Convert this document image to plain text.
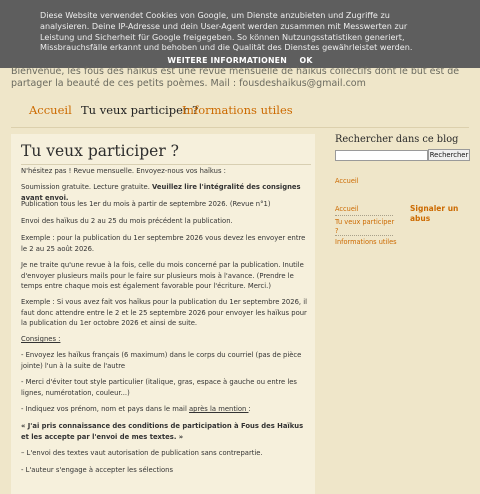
Diese Website verwendet Cookies von Google, um Dienste anzubieten und Zugriffe zu analysieren. Deine IP-Adresse und dein User-Agent werden zusammen mit Messwerten zur Leistung und Sicherheit für Google freigegeben. So können Nutzungsstatistiken generiert, Missbrauchsfälle erkannt und behoben und die Qualität des Dienstes gewährleistet werden.
WEITERE INFORMATIONEN OK
Bienvenue, les fous des haïkus est une revue mensuelle de haïkus collectifs dont le but est de partager la beauté de ces petits poèmes. Mail : fousdeshaikus@gmail.com
Accueil Tu veux participer ?
Informations utiles
Tu veux participer ?
N'hésitez pas ! Revue mensuelle. Envoyez-nous vos haïkus :
Soumission gratuite. Lecture gratuite. Veuillez lire l'intégralité des consignes avant envoi.
Publication tous les 1er du mois à partir de septembre 2026. (Revue n°1)
Envoi des haïkus du 2 au 25 du mois précédent la publication.
Exemple : pour la publication du 1er septembre 2026 vous devez les envoyer entre le 2 au 25 août 2026.
Je ne traite qu'une revue à la fois, celle du mois concerné par la publication. Inutile d'envoyer plusieurs mails pour le faire sur plusieurs mois à l'avance. (Prendre le temps entre chaque mois est également favorable pour l'écriture. Merci.)
Exemple : Si vous avez fait vos haïkus pour la publication du 1er septembre 2026, il faut donc attendre entre le 2 et le 25 septembre 2026 pour envoyer les haïkus pour la publication du 1er octobre 2026 et ainsi de suite.
Consignes :
- Envoyez les haïkus français (6 maximum) dans le corps du courriel (pas de pièce jointe) l'un à la suite de l'autre
- Merci d'éviter tout style particulier (italique, gras, espace à gauche ou entre les lignes, numérotation, couleur...)
- Indiquez vos prénom, nom et pays dans le mail après la mention :
« J'ai pris connaissance des conditions de participation à Fous des Haïkus et les accepte par l'envoi de mes textes. »
– L'envoi des textes vaut autorisation de publication sans contrepartie.
- L'auteur s'engage à accepter les sélections
Rechercher dans ce blog
Rechercher
Accueil
Accueil
Tu veux participer ?
Informations utiles
Signaler un abus
